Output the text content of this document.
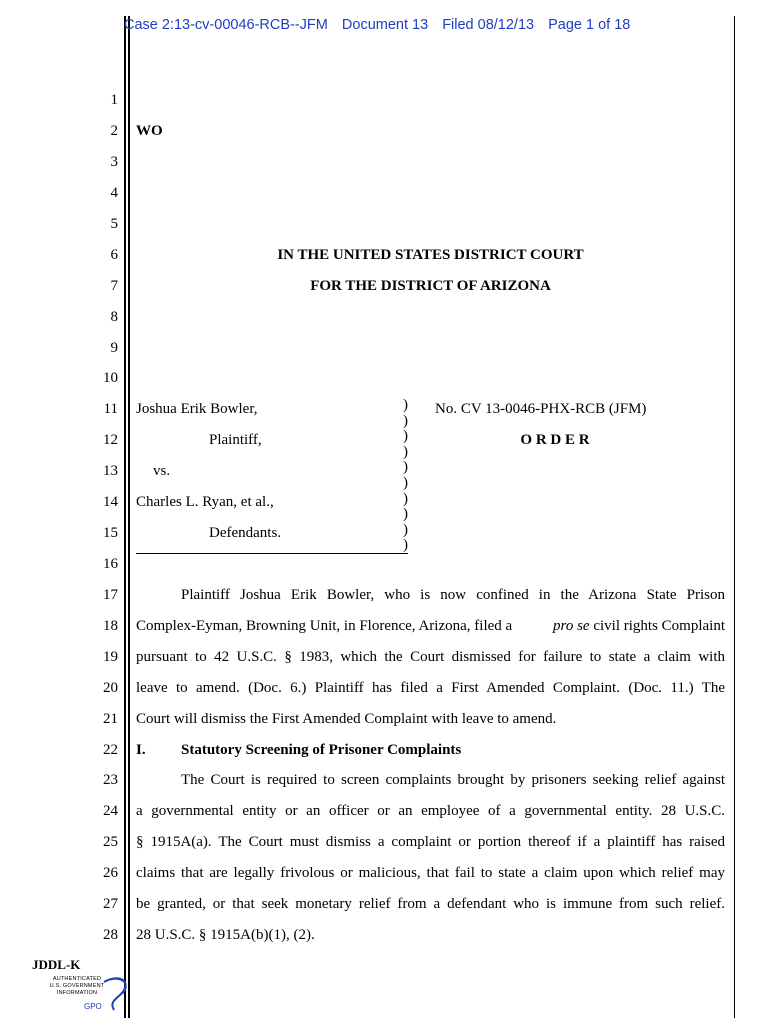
Case 2:13-cv-00046-RCB--JFM Document 13 Filed 08/12/13 Page 1 of 18
1
2
3
4
5
6
7
8
9
10
11
12
13
14
15
16
17
18
19
20
21
22
23
24
25
26
27
28
WO
IN THE UNITED STATES DISTRICT COURT
FOR THE DISTRICT OF ARIZONA
Joshua Erik Bowler,
Plaintiff,
vs.
Charles L. Ryan, et al.,
Defendants.
)
)
)
)
)
)
)
)
)
)
No. CV 13-0046-PHX-RCB (JFM)
O R D E R
Plaintiff Joshua Erik Bowler, who is now confined in the Arizona State Prison
Complex-Eyman, Browning Unit, in Florence, Arizona, filed a	pro se civil rights Complaint
pursuant to 42 U.S.C. § 1983, which the Court dismissed for failure to state a claim with
leave to amend. (Doc. 6.) Plaintiff has filed a First Amended Complaint. (Doc. 11.) The
Court will dismiss the First Amended Complaint with leave to amend.
I. Statutory Screening of Prisoner Complaints
The Court is required to screen complaints brought by prisoners seeking relief against
a governmental entity or an officer or an employee of a governmental entity. 28 U.S.C.
§ 1915A(a). The Court must dismiss a complaint or portion thereof if a plaintiff has raised
claims that are legally frivolous or malicious, that fail to state a claim upon which relief may
be granted, or that seek monetary relief from a defendant who is immune from such relief.
28 U.S.C. § 1915A(b)(1), (2).
JDDL-K
AUTHENTICATED
U.S. GOVERNMENT
INFORMATION
GPO
